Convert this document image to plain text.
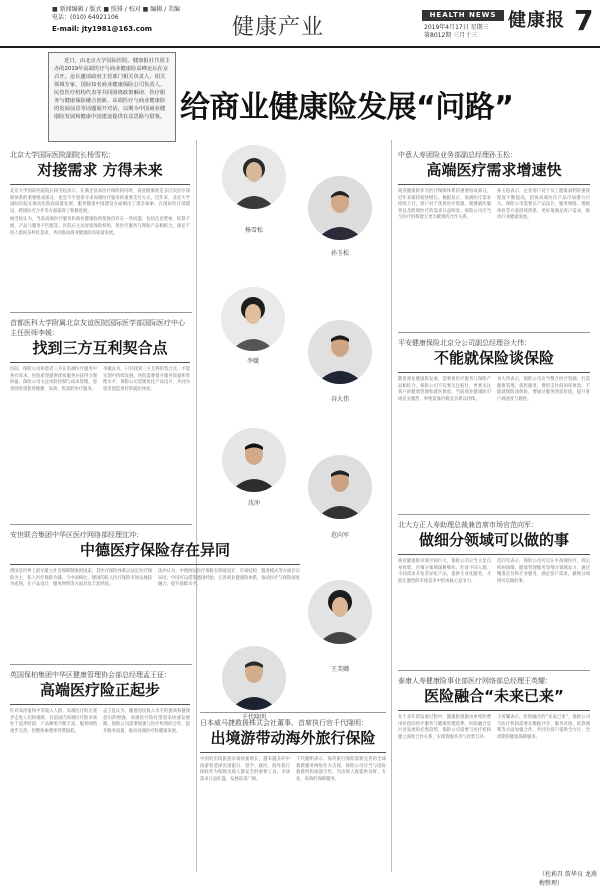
■ 新闻编辑 / 版式 ■ 照排 / 校对 ■ 编辑 / 美编
电话：(010) 64921106
E-mail: jty1981@163.com	健康产业	HEALTH NEWS
2019年4月17日 星期三
第8012期 三月十三
健康报 7

近日，由北京大学国际医院、健康报社共同主办的2019年高端医疗与商业健康险高峰论坛在京召开。论坛邀请政府主管部门相关负责人、相关领域专家、国际知名商业健康保险公司负责人、民营医疗机构代表等共同围绕政策解读、医疗服务与健康保险融合创新、高端医疗与商业健康险的发展前景等话题展开对话，以期为中国商业健康险发展和健康中国建设提供有益思路与借鉴。 给商业健康险发展“问路”
北京大学国际医院副院长杨雪松：
对接需求 方得未来
北京大学国际医院院长杨雪松表示，在满足基本医疗保险的同时，商业健康险是多层次医疗保障体系的重要组成部分，也是不少患者寻求高端医疗服务的重要支付方式。近年来，北京大学国际医院在推动医院高质量发展、服务健康中国建设方面做出了诸多探索，在国际医疗部建设、跨国医疗合作等方面取得了积极进展。
杨雪松认为，当前高端医疗服务和商业健康险的衔接仍存在一些问题，包括信息壁垒、结算不便、产品与服务不匹配等。医院应主动对接保险机构，将医疗服务与保险产品相结合，满足不同人群的多样化需求，共同推动商业健康险高质量发展。
首都医科大学附属北京友谊医院国际医学部国际医疗中心主任医师李媛：
找到三方互利契合点
医院、保险公司和患者三方在高端医疗服务中各有诉求。医院希望提供优质服务并获得合理回报，保险公司关注风险控制与成本管理，患者则希望获得便捷、高效、优质的医疗服务。
李媛认为，只有找到三方互利的契合点，才能实现可持续发展。医院需要提升服务质量和管理水平，保险公司需要优化产品设计，共同为患者创造更好的就医体验。
安世联合集团中华区医疗网络部经理沈冲：
中德医疗保险存在异同
德国是世界上最早建立社会保障制度的国家，其医疗保险体系以法定医疗保险为主、私人医疗保险为辅。与中国相比，德国的私人医疗保险市场发展较为成熟，在产品设计、服务网络等方面具有丰富经验。
沈冲认为，中德两国医疗保险在制度设计、市场结构、服务模式等方面存在异同，中国可以借鉴德国经验，完善商业健康险体系，推动医疗与保险深度融合，提升保障水平。
英国保柏集团中华区健康管理协会部总经理孟王征：
高端医疗险正起步
针对高净值和中等收入人群，高端医疗险正逐步走进人们的视野。目前国内高端医疗险市场处于起步阶段，产品种类不断丰富，服务网络逐步完善，但整体渗透率仍然较低。
孟王征认为，随着居民收入水平的提高和健康意识的增强，高端医疗险有望迎来快速发展期。保险公司需要加强与医疗机构的合作，提升服务质量，推动高端医疗险健康发展。
杨雪松
孙玉松
李媛
谷大伟
沈冲
范向军
王美卿
千代隆明
日本威马捷救援株式会社董事、首席执行官千代隆明：
出境游带动海外旅行保险
中国的出境旅游市场快速增长，越来越多的中国游客选择出国旅行、留学、就医。海外旅行保险作为保障出境人群安全的重要工具，市场需求日益旺盛，发展前景广阔。
千代隆明表示，海外旅行保险需要完善的全球救援服务网络作为支撑，保险公司应当与国际救援机构加强合作，为出境人群提供及时、专业、高效的保障服务。
中意人寿团险业务部副总经理孙玉松：
高端医疗需求增速快
商业健康险作为医疗保障体系的重要组成部分，近年来保持较快增长。数据显示，高端医疗需求持续上升，客户对于优质医疗资源、便捷就医服务以及跨境医疗的需求日益明显。保险公司应当与医疗机构建立更为紧密的合作关系。
孙玉松表示，企业客户对于员工健康福利的重视程度不断提高，团体高端医疗产品市场潜力巨大。保险公司需要在产品设计、服务网络、理赔体验等方面持续创新，更好地满足客户需求，推动行业健康发展。
平安健康保险北京分公司副总经理谷大伟：
不能就保险谈保险
随着商业健康险发展，需要将医疗服务与保险产品相结合。保险公司不仅要关注赔付，更要关注客户的健康管理和就医体验。当前商业健康险市场竞争激烈，单纯依靠价格竞争难以持续。
谷大伟表示，保险公司应当整合医疗资源，打造健康管理、就医服务、费用支付的闭环体验，不能就保险谈保险，要通过服务创造价值，提升客户满意度与黏性。
北大方正人寿助理总裁兼首席市场官范向军：
做细分领域可以做的事
商业健康险市场空间巨大，保险公司应当立足自身优势，在细分领域深耕细作。针对不同人群、不同需求开发差异化产品，提供专业化服务，才能在激烈的市场竞争中形成核心竞争力。
范向军表示，保险公司可以在中高端医疗、特定疾病保障、健康管理服务等细分领域发力，通过精准定位和专业服务，满足客户需求，做细分领域可以做的事。
泰康人寿健康险事业部医疗网络部总经理王英耀：
医险融合“未来已来”
在十多年的发展过程中，健康险逐渐由单纯的费用补偿向医疗服务与健康管理延伸。医险融合是行业发展的必然趋势，保险公司需要与医疗机构建立深度合作关系，实现资源共享与优势互补。
王英耀表示，医险融合的“未来已来”，保险公司与医疗机构需要在数据共享、服务对接、结算便利等方面加强合作，共同为客户提供全方位、全周期的健康保障服务。
（杜莉召 詹华良 龙燕梅整理）
